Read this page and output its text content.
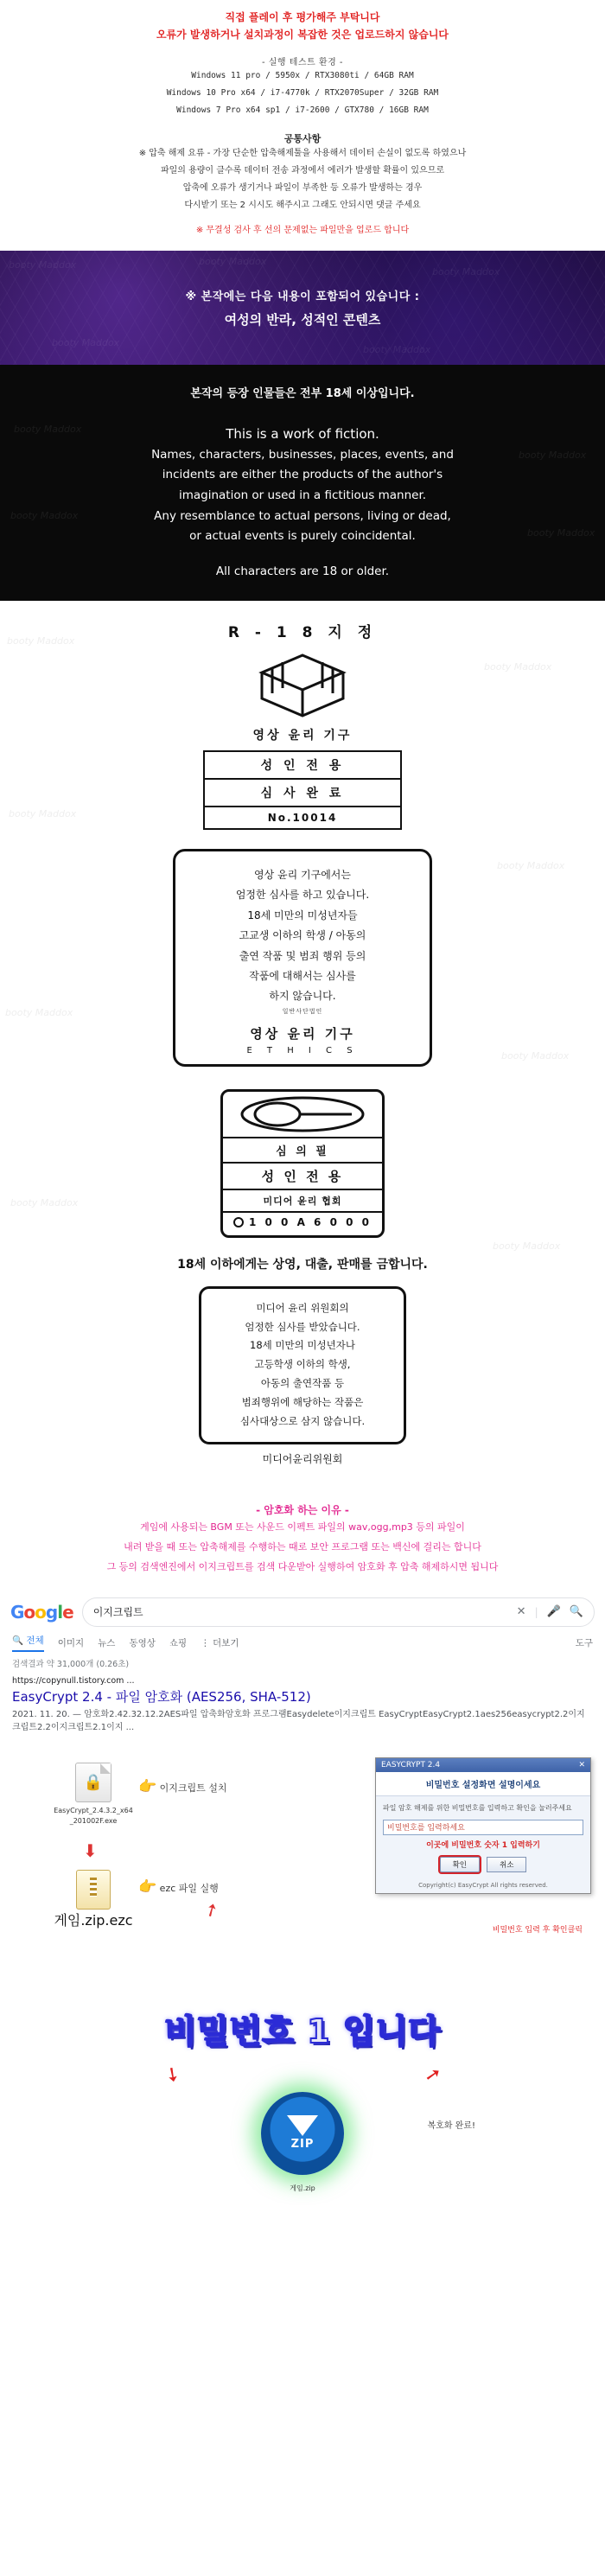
직접 플레이 후 평가해주 부탁니다
오류가 발생하거나 설치과정이 복잡한 것은 업로드하지 않습니다
- 실행 테스트 환경 -
Windows 11 pro / 5950x / RTX3080ti / 64GB RAM
Windows 10 Pro x64 / i7-4770k / RTX2070Super / 32GB RAM
Windows 7 Pro x64 sp1 / i7-2600 / GTX780 / 16GB RAM
공통사항
※ 압축 해제 요류 - 가장 단순한 압축해제툴을 사용해서 데이터 손실이 없도록 하였으나
파일의 용량이 클수록 데이터 전송 과정에서 에러가 발생할 확률이 있으므로
압축에 오류가 생기거나 파일이 부족한 등 오류가 발생하는 경우
다시받기 또는 2 시시도 해주시고 그래도 안되시면 댓글 주세요
※ 무결성 검사 후 선의 문제없는 파일만을 업로드 합니다
booty Maddox	booty Maddox
booty Maddox
booty Maddox
booty Maddox
※ 본작에는 다음 내용이 포함되어 있습니다 :
여성의 반라, 성적인 콘텐츠
본작의 등장 인물들은 전부 18세 이상입니다.
This is a work of fiction.
Names, characters, businesses, places, events, and
incidents are either the products of the author's
imagination or used in a fictitious manner.
Any resemblance to actual persons, living or dead,
or actual events is purely coincidental.
All characters are 18 or older.
booty Maddox
booty Maddox
booty Maddox
booty Maddox
booty Maddox
booty Maddox
booty Maddox
booty Maddox
booty Maddox
booty Maddox
booty Maddox
booty Maddox
R - 1 8 지 정
영상 윤리 기구
성 인 전 용
심 사 완 료
No.10014
영상 윤리 기구에서는
엄정한 심사를 하고 있습니다.
18세 미만의 미성년자들
고교생 이하의 학생 / 아동의
출연 작품 및 범죄 행위 등의
작품에 대해서는 심사를
하지 않습니다.
일반사단법인
영상 윤리 기구
E T H I C S
심 의 필
성 인 전 용
미디어 윤리 협회
1 0 0 A 6 0 0 0
18세 이하에게는 상영, 대출, 판매를 금합니다.
미디어 윤리 위원회의
엄정한 심사를 받았습니다.
18세 미만의 미성년자나
고등학생 이하의 학생,
아동의 출연작품 등
범죄행위에 해당하는 작품은
심사대상으로 삼지 않습니다.
미디어윤리위원회
- 암호화 하는 이유 -
게임에 사용되는 BGM 또는 사운드 이펙트 파일의 wav,ogg,mp3 등의 파일이
내려 받을 때 또는 압축해제를 수행하는 때로 보안 프로그램 또는 백신에 걸리는 합니다
그 등의 검색엔진에서 이지크립트를 검색 다운받아 실행하여 암호화 후 압축 해제하시면 됩니다
Google 이지크립트	✕ | 🎤 🔍
🔍 전체 이미지 뉴스 동영상 쇼핑 ⋮ 더보기	도구
검색결과 약 31,000개 (0.26초)
https://copynull.tistory.com ...
EasyCrypt 2.4 - 파일 암호화 (AES256, SHA-512)
2021. 11. 20. — 암호화2.42.32.12.2AES파일 압축화암호화 프로그램Easydelete이지크립트 EasyCryptEasyCrypt2.1aes256easycrypt2.2이지크립트2.2이지크립트2.1이지 ...
🔒
EasyCrypt_2.4.3.2_x64 _201002F.exe
👉 이지크립트 설치
⬇
게임.zip.ezc
👉 ezc 파일 실행
EASYCRYPT 2.4	✕
비밀번호 설정화면 설명이세요
파일 암호 해제를 위한 비밀번호를 입력하고 확인을 눌러주세요
비밀번호를 입력하세요
이곳에 비밀번호 숫자 1 입력하기
확인	취소
Copyright(c) EasyCrypt All rights reserved.
비밀번호 입력 후 확인클릭
➚
비밀번호 1 입니다
➘	➙
ZIP
게임.zip
복호화 완료!
